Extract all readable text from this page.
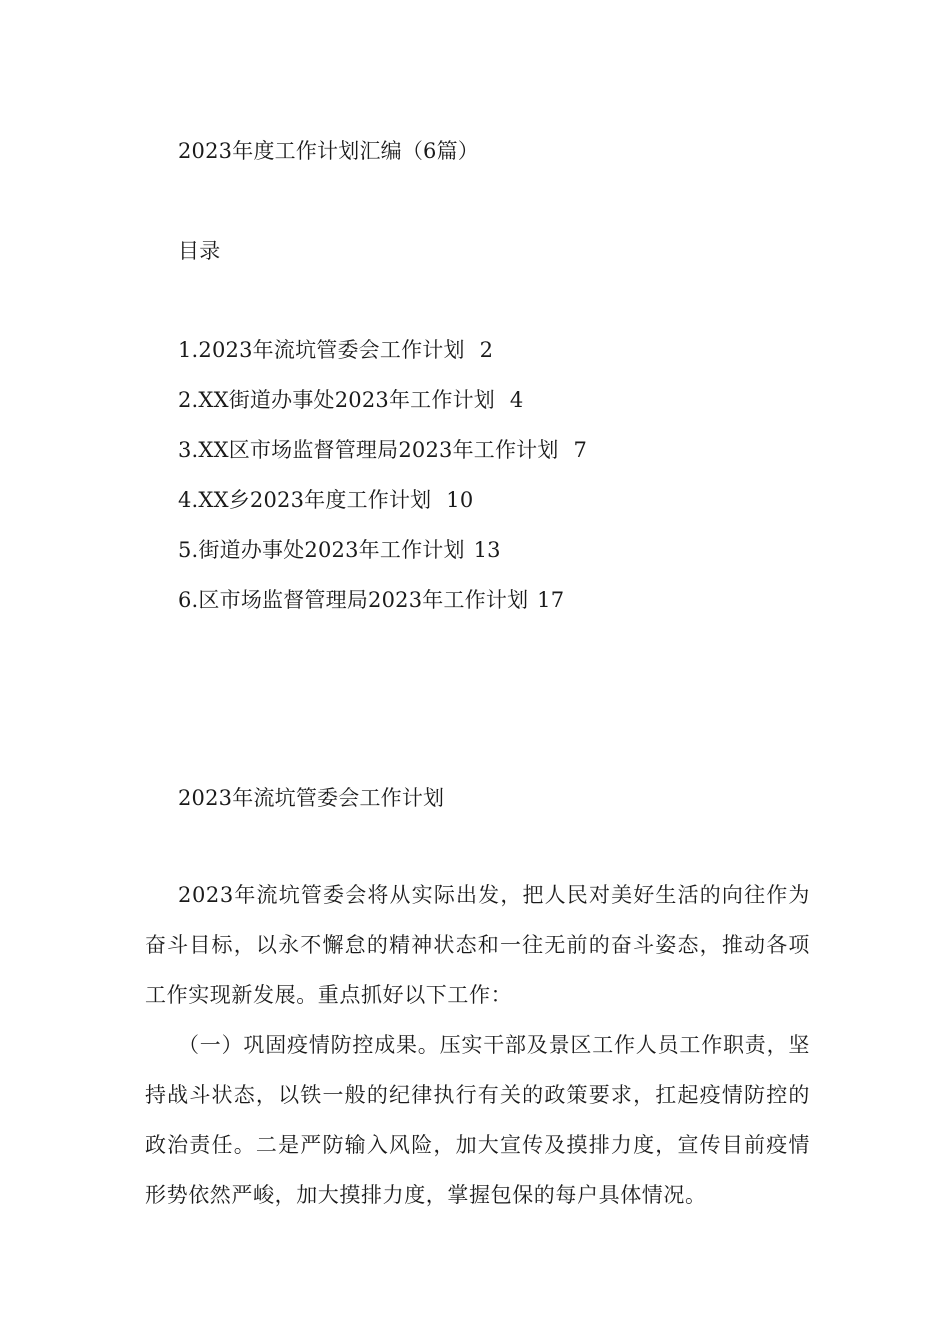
2023年度工作计划汇编（6篇）
目录
1.2023年流坑管委会工作计划 2
2.XX街道办事处2023年工作计划 4
3.XX区市场监督管理局2023年工作计划 7
4.XX乡2023年度工作计划 10
5.街道办事处2023年工作计划 13
6.区市场监督管理局2023年工作计划 17
2023年流坑管委会工作计划
2023年流坑管委会将从实际出发，把人民对美好生活的向往作为奋斗目标，以永不懈怠的精神状态和一往无前的奋斗姿态，推动各项工作实现新发展。重点抓好以下工作：
（一）巩固疫情防控成果。压实干部及景区工作人员工作职责，坚持战斗状态，以铁一般的纪律执行有关的政策要求，扛起疫情防控的政治责任。二是严防输入风险，加大宣传及摸排力度，宣传目前疫情形势依然严峻，加大摸排力度，掌握包保的每户具体情况。
